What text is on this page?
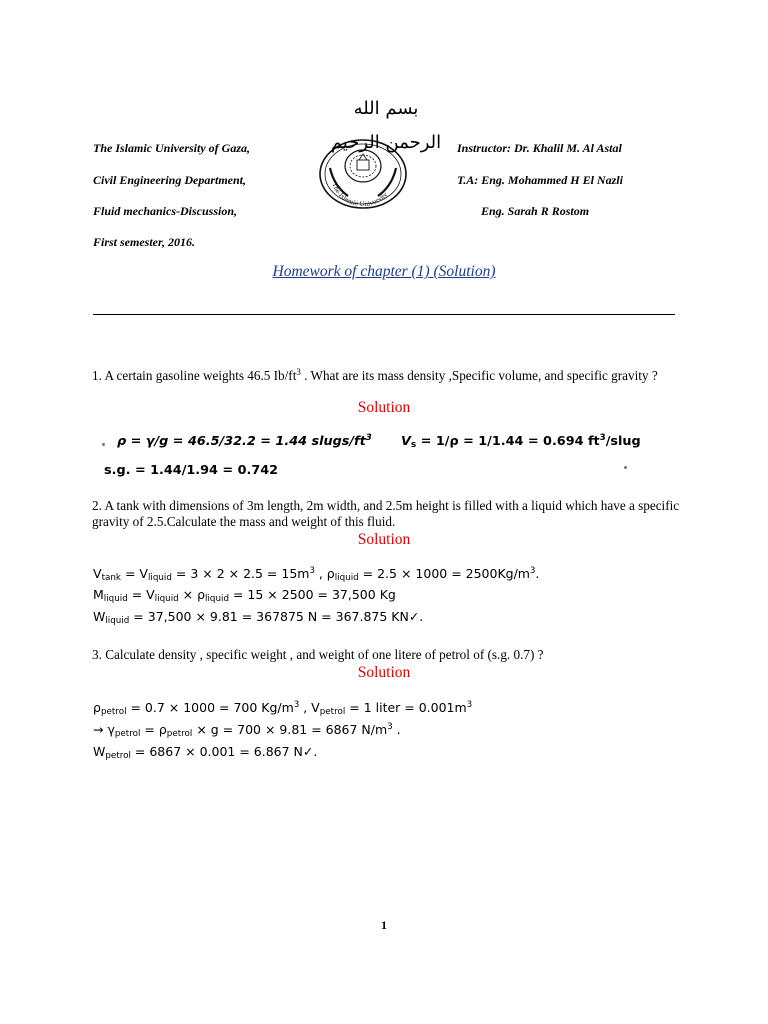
بسم الله الرحمن الرحيم
The Islamic University of Gaza,
Civil Engineering Department,
Fluid mechanics-Discussion,
First semester, 2016.
Instructor: Dr. Khalil M. Al Astal
T.A: Eng. Mohammed H El Nazli
Eng. Sarah R Rostom
The Islamic University
Homework of chapter (1) (Solution)
1. A certain gasoline weights 46.5 $Ib/ft^3$ . What are its mass density ,Specific volume, and specific gravity ?
Solution
ρ = γ/g = 46.5/32.2 = 1.44 slugs/$ft^3$ $V_s = 1/\rho = 1/1.44 = 0.694$ $ft^3$/slug
s.g. = 1.44/1.94 = 0.742
2. A tank with dimensions of 3m length, 2m width, and 2.5m height is filled with a liquid which have a specific gravity of 2.5.Calculate the mass and weight of this fluid.
Solution
$V_{tank} = V_{liquid} = 3 \times 2 \times 2.5 = 15m^3$ , $\rho_{liquid} = 2.5 \times 1000 = 2500Kg/m^3$.
$M_{liquid} = V_{liquid} \times \rho_{liquid} = 15 \times 2500 = 37,500$ Kg
$W_{liquid} = 37,500 \times 9.81 = 367875$ N = 367.875 KN✓.
3. Calculate density , specific weight , and weight of one litere of petrol of (s.g. 0.7) ?
Solution
$\rho_{petrol} = 0.7 \times 1000 = 700$ $Kg/m^3$ , $V_{petrol} = 1$ liter = $0.001m^3$
→ $\gamma_{petrol} = \rho_{petrol} \times g = 700 \times 9.81 = 6867$ $N/m^3$ .
$W_{petrol} = 6867 \times 0.001 = 6.867$ N✓.
1
